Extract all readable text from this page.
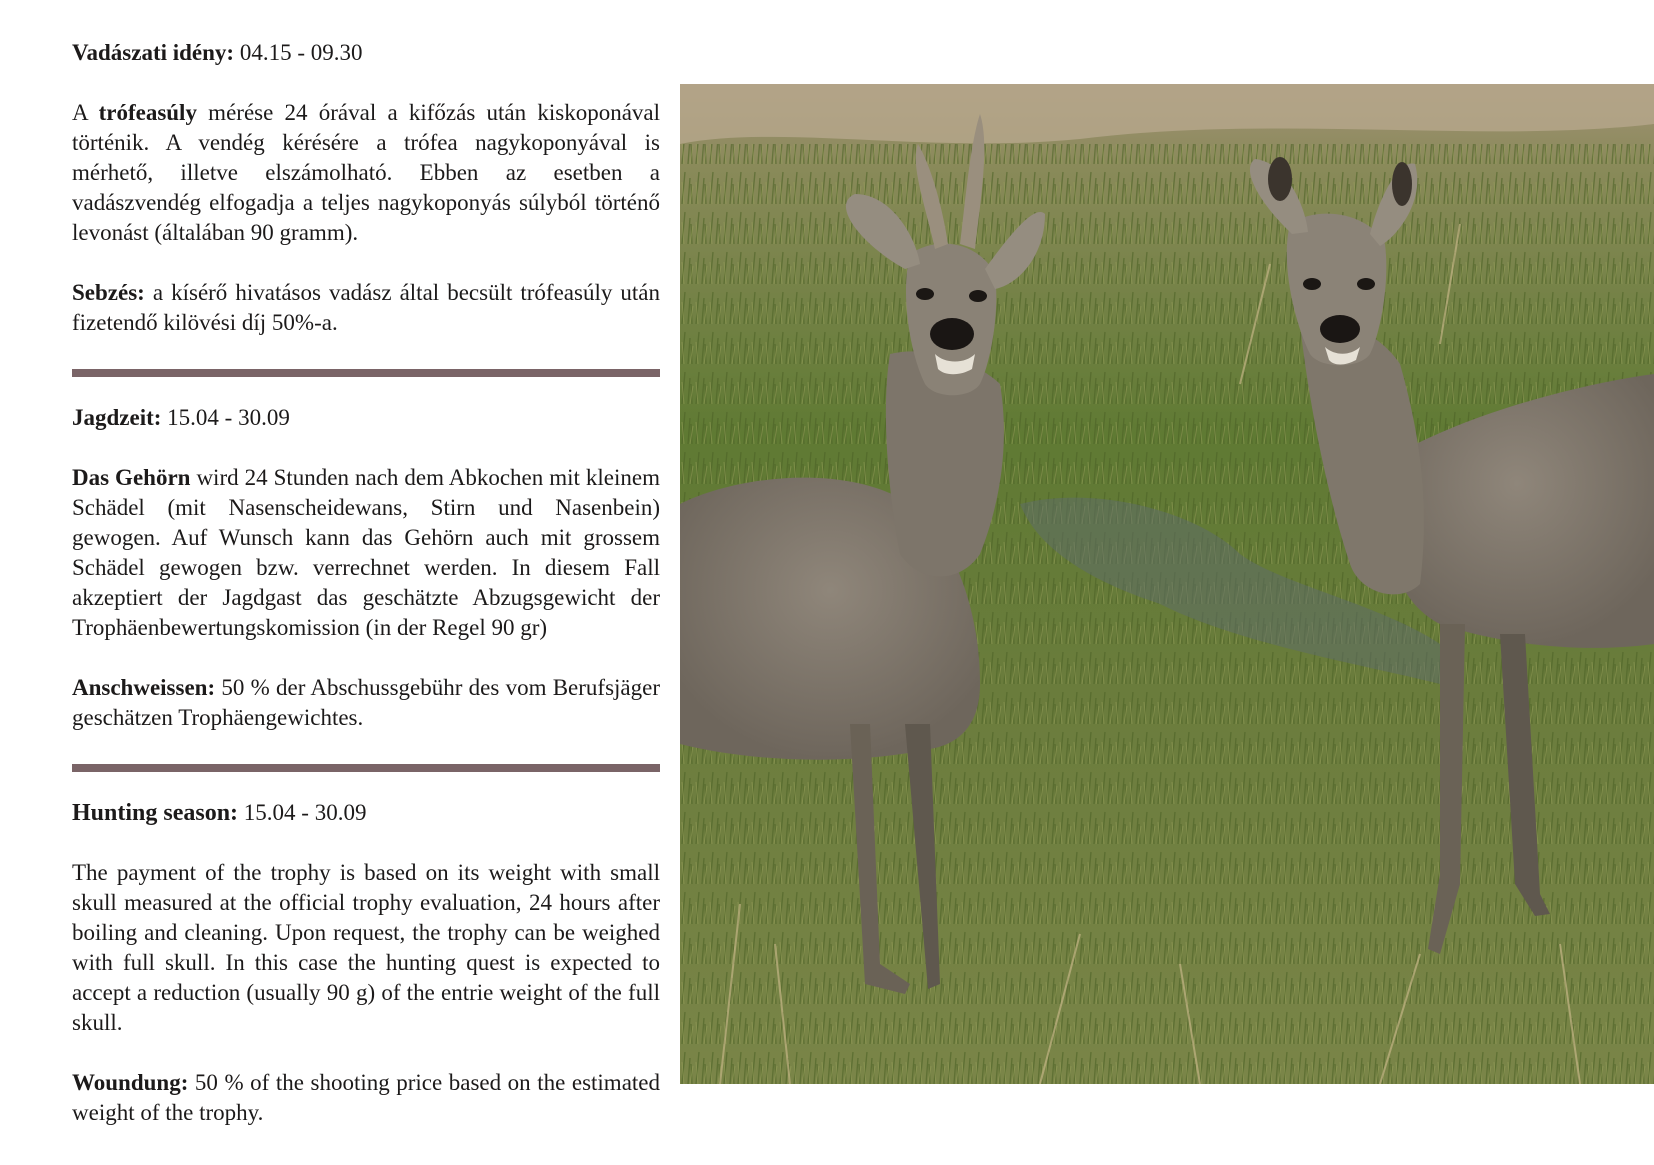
Vadászati idény: 04.15 - 09.30

A trófeasúly mérése 24 órával a kifőzás után kiskoponával történik. A vendég kérésére a trófea nagykoponyával is mérhető, illetve elszámolható. Ebben az esetben a vadászvendég elfogadja a teljes nagykoponyás súlyból történő levonást (általában 90 gramm).

Sebzés: a kísérő hivatásos vadász által becsült trófeasúly után fizetendő kilövési díj 50%-a.

Jagdzeit: 15.04 - 30.09

Das Gehörn wird 24 Stunden nach dem Abkochen mit kleinem Schädel (mit Nasenscheidewans, Stirn und Nasenbein) gewogen. Auf Wunsch kann das Gehörn auch mit grossem Schädel gewogen bzw. verrechnet werden. In diesem Fall akzeptiert der Jagdgast das geschätzte Abzugsgewicht der Trophäenbewertungskomission (in der Regel 90 gr)

Anschweissen: 50 % der Abschussgebühr des vom Berufsjäger geschätzen Trophäengewichtes.

Hunting season: 15.04 - 30.09

The payment of the trophy is based on its weight with small skull measured at the official trophy evaluation, 24 hours after boiling and cleaning. Upon request, the trophy can be weighed with full skull. In this case the hunting quest is expected to accept a reduction (usually 90 g) of the entrie weight of the full skull.

Woundung: 50 % of the shooting price based on the estimated weight of the trophy.
